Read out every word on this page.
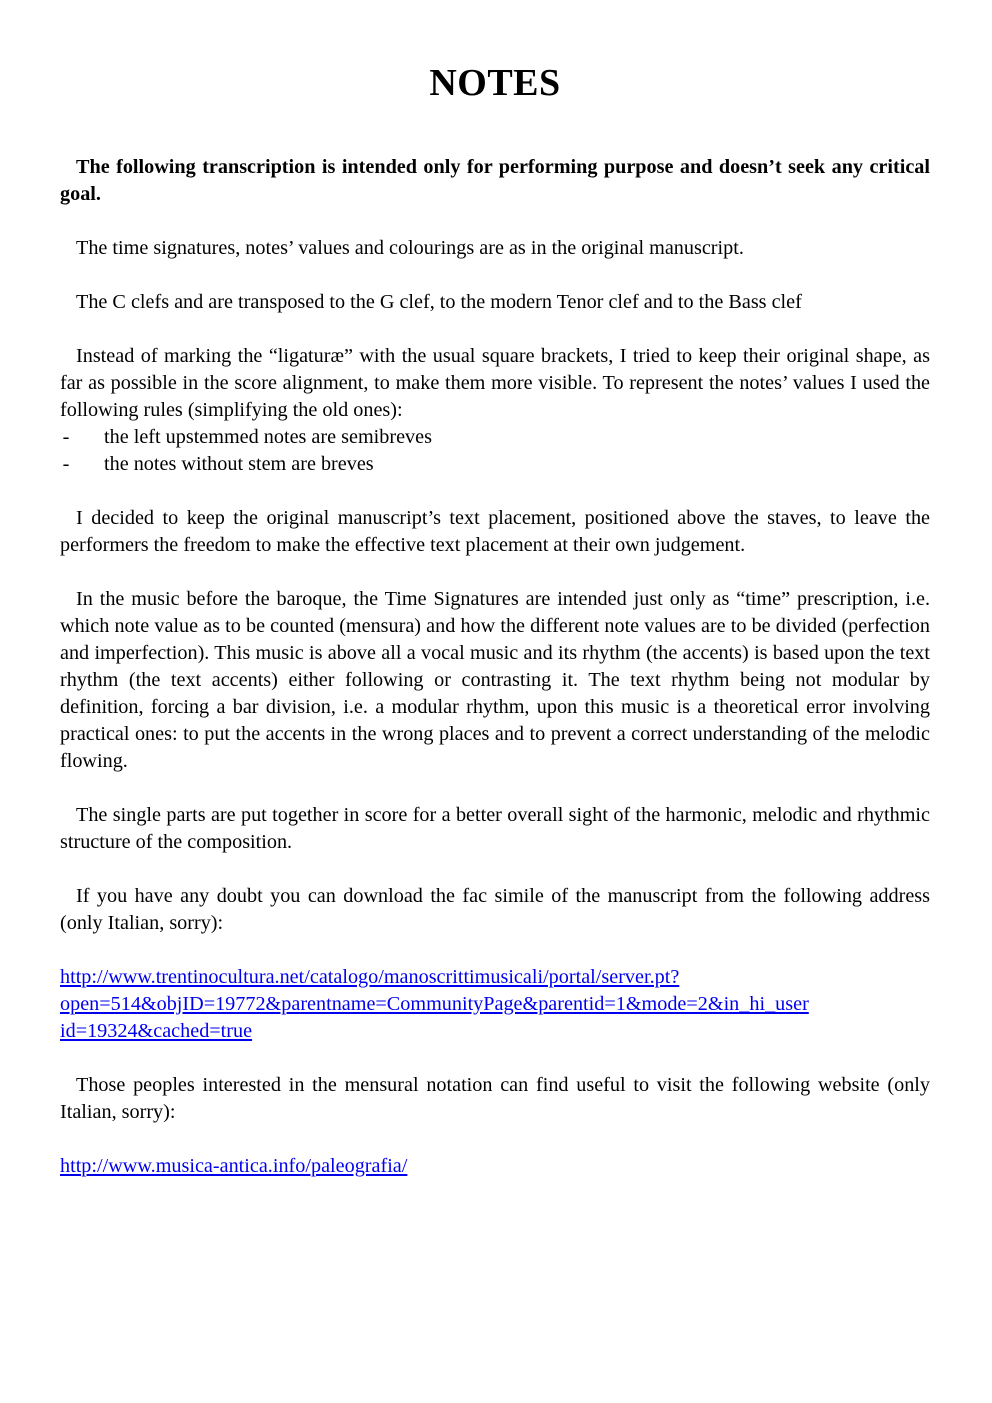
NOTES

The following transcription is intended only for performing purpose and doesn’t seek any critical goal.

The time signatures, notes’ values and colourings are as in the original manuscript.

The C clefs and are transposed to the G clef, to the modern Tenor clef and to the Bass clef

Instead of marking the “ligaturæ” with the usual square brackets, I tried to keep their original shape, as far as possible in the score alignment, to make them more visible. To represent the notes’ values I used the following rules (simplifying the old ones):

- the left upstemmed notes are semibreves
- the notes without stem are breves

I decided to keep the original manuscript’s text placement, positioned above the staves, to leave the performers the freedom to make the effective text placement at their own judgement.

In the music before the baroque, the Time Signatures are intended just only as “time” prescription, i.e. which note value as to be counted (mensura) and how the different note values are to be divided (perfection and imperfection). This music is above all a vocal music and its rhythm (the accents) is based upon the text rhythm (the text accents) either following or contrasting it. The text rhythm being not modular by definition, forcing a bar division, i.e. a modular rhythm, upon this music is a theoretical error involving practical ones: to put the accents in the wrong places and to prevent a correct understanding of the melodic flowing.

The single parts are put together in score for a better overall sight of the harmonic, melodic and rhythmic structure of the composition.

If you have any doubt you can download the fac simile of the manuscript from the following address (only Italian, sorry):

http://www.trentinocultura.net/catalogo/manoscrittimusicali/portal/server.pt?
open=514&objID=19772&parentname=CommunityPage&parentid=1&mode=2&in_hi_user
id=19324&cached=true

Those peoples interested in the mensural notation can find useful to visit the following website (only Italian, sorry):

http://www.musica-antica.info/paleografia/
